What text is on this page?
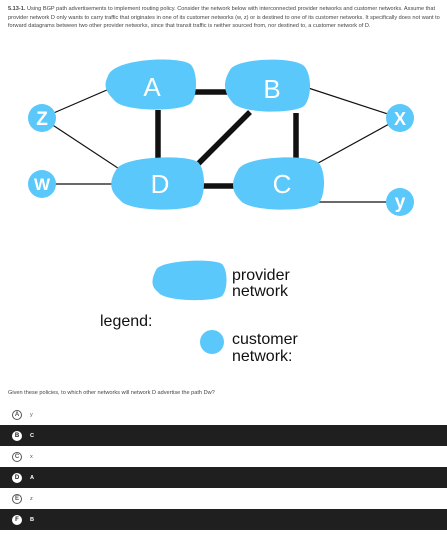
5.13-1. Using BGP path advertisements to implement routing policy. Consider the network below with interconnected provider networks and customer networks. Assume that provider network D only wants to carry traffic that originates in one of its customer networks (w, z) or is destined to one of its customer networks. It specifically does not want to forward datagrams between two other provider networks, since that transit traffic is neither sourced from, nor destined to, a customer network of D.
A	B
D	C
Z	X
W
y
legend:
provider
network
customer
network:
Given these policies, to which other networks will network D advertise the path Dw?
A	y
B	C
C	x
D	A
E	z
F	B
